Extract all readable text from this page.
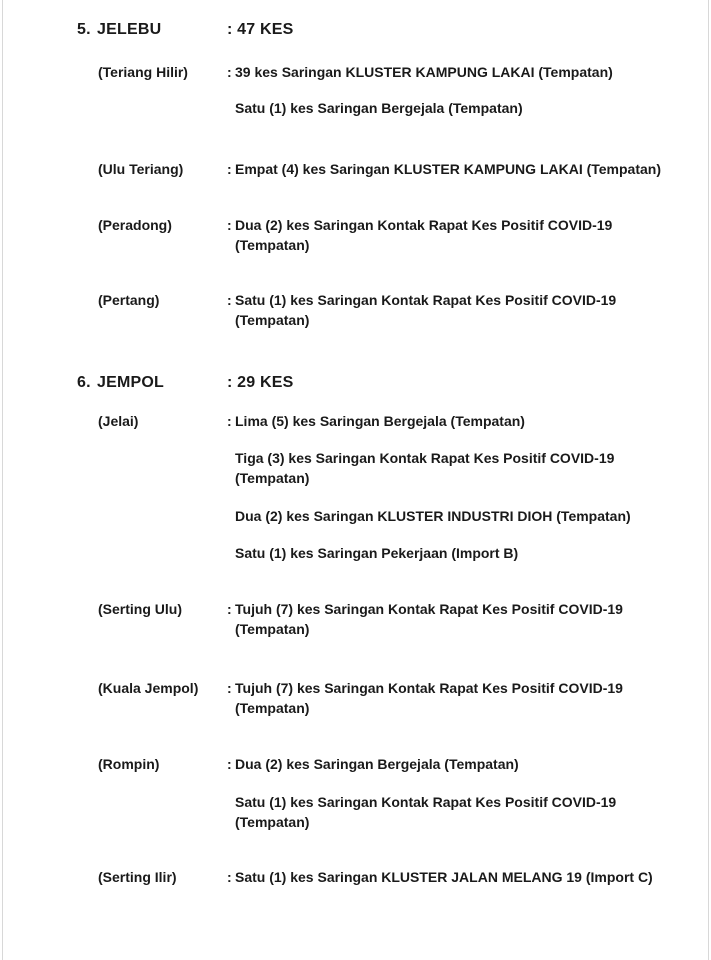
5. JELEBU	: 47 KES
(Teriang Hilir)	: 39 kes Saringan KLUSTER KAMPUNG LAKAI (Tempatan)
Satu (1) kes Saringan Bergejala (Tempatan)
(Ulu Teriang)	: Empat (4) kes Saringan KLUSTER KAMPUNG LAKAI (Tempatan)
(Peradong)	: Dua (2) kes Saringan Kontak Rapat Kes Positif COVID-19
(Tempatan)
(Pertang)	: Satu (1) kes Saringan Kontak Rapat Kes Positif COVID-19
(Tempatan)
6. JEMPOL	: 29 KES
(Jelai)	: Lima (5) kes Saringan Bergejala (Tempatan)
Tiga (3) kes Saringan Kontak Rapat Kes Positif COVID-19
(Tempatan)
Dua (2) kes Saringan KLUSTER INDUSTRI DIOH (Tempatan)
Satu (1) kes Saringan Pekerjaan (Import B)
(Serting Ulu)	: Tujuh (7) kes Saringan Kontak Rapat Kes Positif COVID-19
(Tempatan)
(Kuala Jempol) : Tujuh (7) kes Saringan Kontak Rapat Kes Positif COVID-19
(Tempatan)
(Rompin)	: Dua (2) kes Saringan Bergejala (Tempatan)
Satu (1) kes Saringan Kontak Rapat Kes Positif COVID-19
(Tempatan)
(Serting Ilir)	: Satu (1) kes Saringan KLUSTER JALAN MELANG 19 (Import C)
